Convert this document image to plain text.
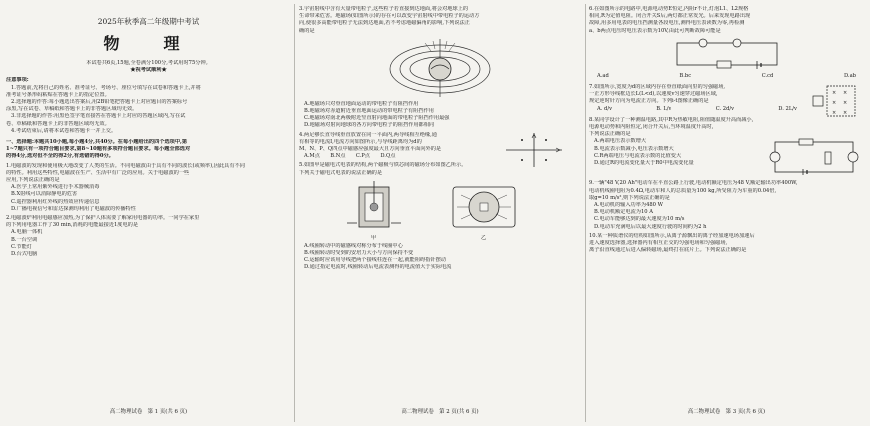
2025年秋季高二年级期中考试

物　理

本试卷共6页,15题,全卷满分100分,考试用时75分钟。

★祝考试顺利★

注意事项:

1.答题前,先将自己的姓名、准考证号、考场号、座位号填写在试卷和答题卡上,并将

准考证号条形码粘贴在答题卡上的指定位置。

2.选择题的作答:每小题选出答案后,用2B铅笔把答题卡上对应题目的答案标号

涂黑,写在试卷、草稿纸和答题卡上的非答题区域均无效。

3.非选择题的作答:用黑色签字笔直接答在答题卡上对应的答题区域内,写在试

卷、草稿纸和答题卡上的非答题区域均无效。

4.考试结束后,请将本试卷和答题卡一并上交。

一、选择题:本题共10小题,每小题4分,共40分。在每小题给出的四个选项中,第

1~7题只有一项符合题目要求,第8~10题有多项符合题目要求。每小题全部选对

的得4分,选对但不全的得2分,有选错的得0分。

1.电磁波的发现和使用极大地改变了人类的生活。不同电磁波由于具有不同的波长(或频率),因此具有不同

的特性。利用这些特性,电磁波在生产、生活中有广泛的应用。关于电磁波的一些

应用,下列说法正确的是

A.医学上常用紫外线进行手术器械消毒

B.X射线可以消除静电的危害

C.遥控器利用红外线的热效应传递信息

D.广播电视信号和雷达探测均利用了电磁波的传播特性

2.电磁波炉利用电磁感应加热,为了保护人体需要了解家用电器的功率。一同学在家里

的下列用电器工作了30 min,消耗的电能最接近1度电的是

A.电脑一体机

B.一台空调

C.节能灯

D.台式电脑

高二物理试卷　第 1 页(共 6 页)

3.宇宙射线中含有大量带电粒子,这些粒子若直接到达地面,将会对地球上的

生命带来危害。地磁场(如图所示)的存在可以改变宇宙射线中带电粒子的运动方

向,使很多高能带电粒子无法到达地面,若不考虑地磁偏角的影响,下列说法正

确的是

A.地磁场只对垂直地面运动的带电粒子有阻挡作用

B.地磁场对赤道附近垂直地面运动的带电粒子有阻挡作用

C.地磁场对南北两极附近竖直射向地面的带电粒子阻挡作用最强

D.地磁场对射向地球的各方向带电粒子的阻挡作用都相同

4.两足够长直导线垂直放置在同一平面内,两导线相互绝缘,通

有相等的电流I,电流方向如图所示,与导线距离均为d的

M、N、P、Q四点中磁感应强度最大且方向垂直平面向外的是

A.M点　　B.N点　　C.P点　　D.Q点

5.如图甲是磁电式电表的结构,两个磁极与铁芯间的磁场分布如图乙所示。

下列关于磁电式电表的说法正确的是

甲	乙

A.线圈转动中的磁感线对称分布于线圈中心

B.线圈转动时受到的安培力大小与方向保持不变

C.运输时应该用导线把两个接线柱连在一起,就能阻碍指针摆动

D.通过指定电流时,线圈转动后电流表测得的电流值大于实际电流

高二物理试卷　第 2 页(共 6 页)

6.在如图所示的电路中,电源电动势E恒定,内阻r不计,灯泡L1、L2规格

相同,R为定值电阻。闭合开关S后,两灯都正常发光。后来发现电路出现

故障,用多用电表的电压挡测量各段电压,测得电压表读数为零,再检测

a、b两点电压时电压表示数为10V,由此可判断故障可能是

A.ad	B.bc	C.cd	D.ab

7.如图所示,宽度为d的区域内存在垂直纸面向里的匀强磁场,

一正方形导线框边长L(L<d),以速度v匀速穿过磁场区域,

规定逆时针方向为电流正方向。下列i-t图像正确的是

A. d/v	B. L/v	C. 2d/v	D. 2L/v
× ×
× ×
× ×

8.某同学设计了一种测温电路,其中R为热敏电阻,阻值随温度升高而减小,

电源电动势和内阻恒定,闭合开关后,当环境温度升高时,

下列说法正确的是

A.两端电压表示数增大

B.电流表示数减小,电压表示数增大

C.R两端电压与电流表示数的比值变大

D.通过R的电流变化量大于R0中电流变化量

9.一辆"48 V,20 Ah"电动车在平直公路上行驶,电动机额定电压为48 V,额定输出功率400W,

电动机线圈电阻为0.4Ω,电动车和人的总质量为100 kg,所受阻力为车重的0.04倍,

取g=10 m/s²,则下列说法正确的是

A.电动机的输入功率为480 W

B.电动机额定电流为10 A

C.电动车能够达到的最大速度为10 m/s

D.电动车充满电后以最大速度行驶的时间约为2 h

10.某一种质谱仪的结构如图所示,从离子源飘出的离子经加速电场加速后

进入速度选择器,选择器内有相互正交的匀强电场和匀强磁场,

离子沿直线通过后进入偏转磁场,最终打在底片上。下列说法正确的是

高二物理试卷　第 3 页(共 6 页)
